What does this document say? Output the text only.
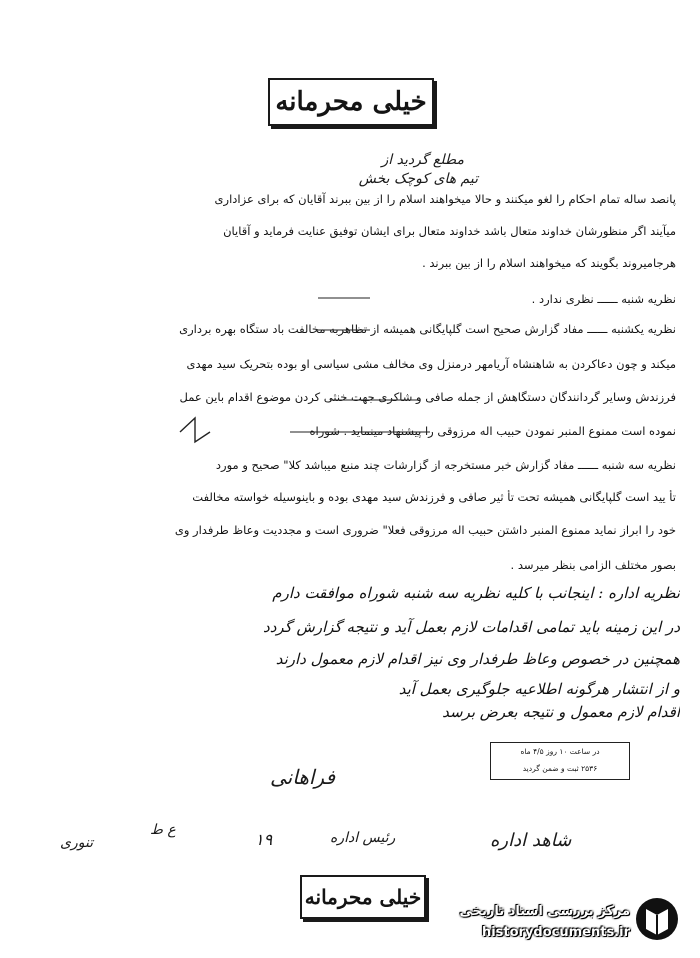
خیلی محرمانه
مطلع گردید از
تیم های کوچک بخش
پانصد ساله تمام احکام را لغو میکنند و حالا میخواهند اسلام را از بین ببرند آقایان که برای عزاداری
میآیند اگر منظورشان خداوند متعال باشد خداوند متعال برای ایشان توفیق عنایت فرماید و آقایان
هرجامیروند بگویند که میخواهند اسلام را از بین ببرند .
نظریه شنبه ــــــ نظری ندارد .
نظریه یکشنبه ــــــ مفاد گزارش صحیح است گلپایگانی همیشه از تظاهربه مخالفت باد ستگاه بهره برداری
میکند و چون دعاکردن به شاهنشاه آریامهر درمنزل وی مخالف مشی سیاسی او بوده بتحریک سید مهدی
فرزندش وسایر گردانندگان دستگاهش از جمله صافی و شاکری جهت خنثی کردن موضوع اقدام باین عمل
نموده است ممنوع المنبر نمودن حبیب اله مرزوقی را پیشنهاد مینماید . شوراه
نظریه سه شنبه ــــــ مفاد گزارش خبر مستخرجه از گزارشات چند منبع میباشد کلا" صحیح و مورد
تأ یید است گلپایگانی همیشه تحت تأ ثیر صافی و فرزندش سید مهدی بوده و باینوسیله خواسته مخالفت
خود را ابراز نماید ممنوع المنبر داشتن حبیب اله مرزوقی فعلا" ضروری است و مجددیت وعاظ طرفدار وی
بصور مختلف الزامی بنظر میرسد .
نظریه اداره : اینجانب با کلیه نظریه سه شنبه شوراه موافقت دارم
در این زمینه باید تمامی اقدامات لازم بعمل آید و نتیجه گزارش گردد
همچنین در خصوص وعاظ طرفدار وی نیز اقدام لازم معمول دارند
و از انتشار هرگونه اطلاعیه جلوگیری بعمل آید
اقدام لازم معمول و نتیجه بعرض برسد
در ساعت ۱۰ روز ۴/۵ ماه
۲۵۳۶ ثبت و ضمن گردید
تنوری
ع ط	۱۹	رئیس اداره
فراهانی
شاهد اداره
خیلی محرمانه
مرکز بررسی اسناد تاریخی
historydocuments.ir
